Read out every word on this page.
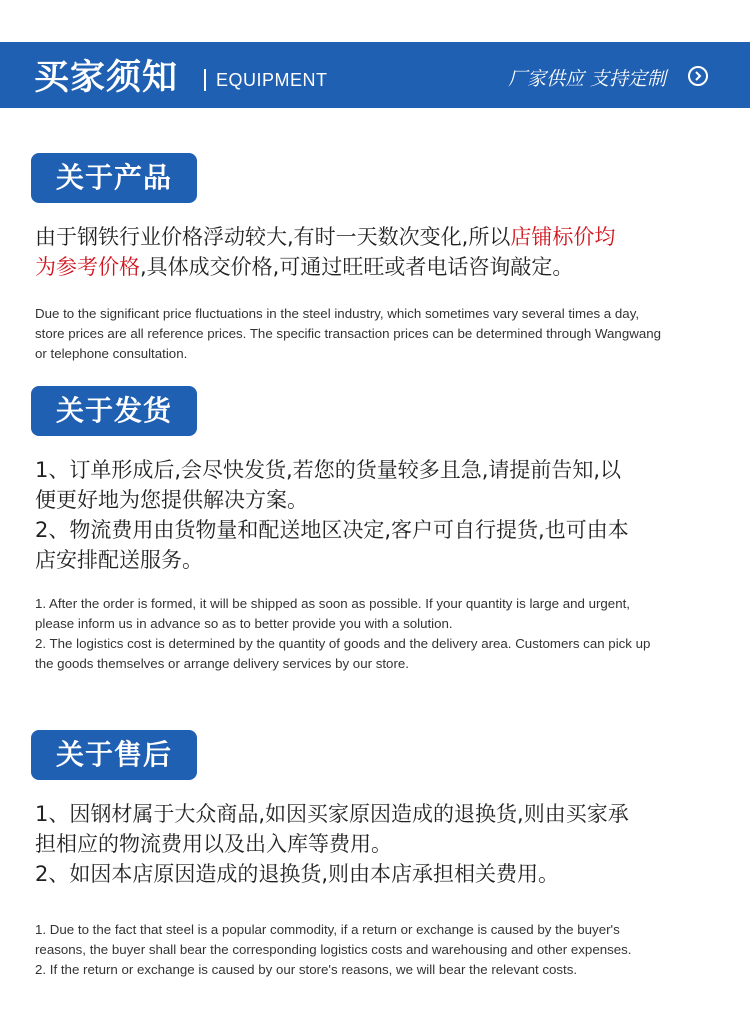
买家须知 EQUIPMENT	厂家供应 支持定制
关于产品
由于钢铁行业价格浮动较大,有时一天数次变化,所以店铺标价均
为参考价格,具体成交价格,可通过旺旺或者电话咨询敲定。
Due to the significant price fluctuations in the steel industry, which sometimes vary several times a day,
store prices are all reference prices. The specific transaction prices can be determined through Wangwang
or telephone consultation.
关于发货
1、订单形成后,会尽快发货,若您的货量较多且急,请提前告知,以
便更好地为您提供解决方案。
2、物流费用由货物量和配送地区决定,客户可自行提货,也可由本
店安排配送服务。
1. After the order is formed, it will be shipped as soon as possible. If your quantity is large and urgent,
please inform us in advance so as to better provide you with a solution.
2. The logistics cost is determined by the quantity of goods and the delivery area. Customers can pick up
the goods themselves or arrange delivery services by our store.
关于售后
1、因钢材属于大众商品,如因买家原因造成的退换货,则由买家承
担相应的物流费用以及出入库等费用。
2、如因本店原因造成的退换货,则由本店承担相关费用。
1. Due to the fact that steel is a popular commodity, if a return or exchange is caused by the buyer's
reasons, the buyer shall bear the corresponding logistics costs and warehousing and other expenses.
2. If the return or exchange is caused by our store's reasons, we will bear the relevant costs.
